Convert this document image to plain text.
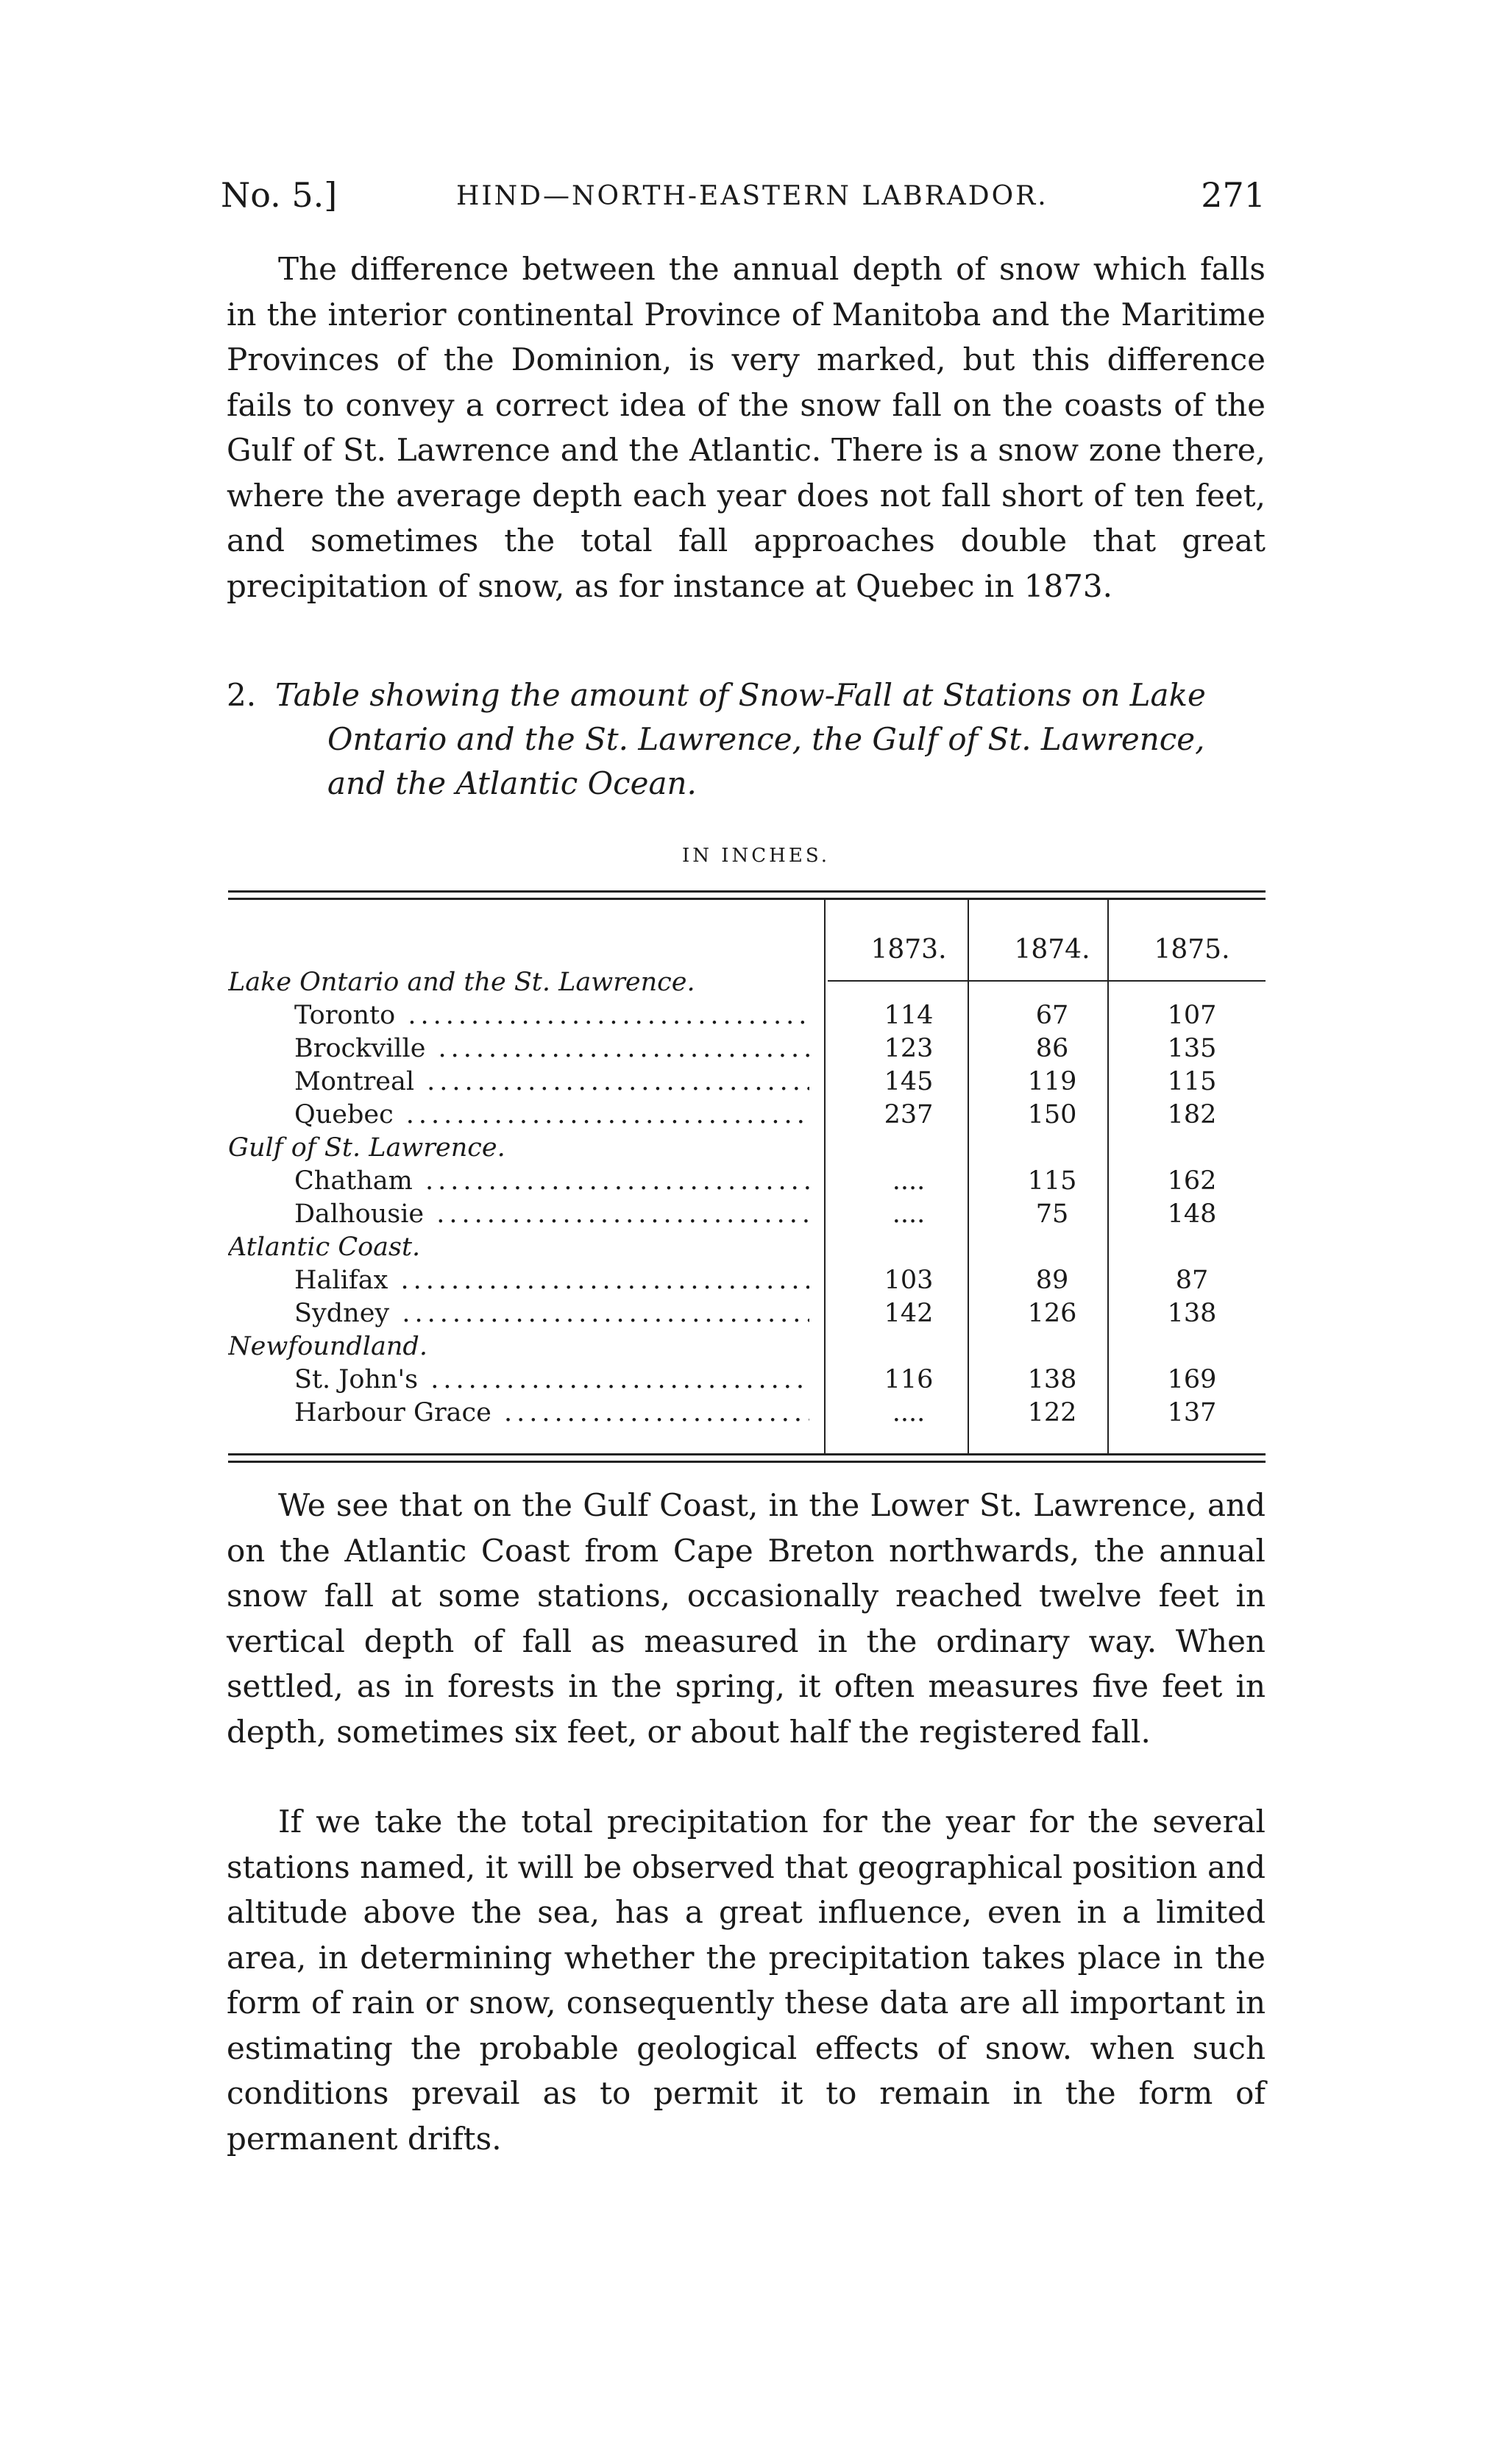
No. 5.]	HIND—NORTH-EASTERN LABRADOR.	271
The difference between the annual depth of snow which falls in the interior continental Province of Manitoba and the Maritime Provinces of the Dominion, is very marked, but this difference fails to convey a correct idea of the snow fall on the coasts of the Gulf of St. Lawrence and the Atlantic. There is a snow zone there, where the average depth each year does not fall short of ten feet, and sometimes the total fall approaches double that great precipitation of snow, as for instance at Quebec in 1873.
2. Table showing the amount of Snow-Fall at Stations on Lake
Ontario and the St. Lawrence, the Gulf of St. Lawrence,
and the Atlantic Ocean.
IN INCHES.
1873.	1874.	1875.
Lake Ontario and the St. Lawrence.
Toronto .....	114	67	107
Brockville .....	123	86	135
Montreal .....	145	119	115
Quebec .....	237	150	182
Gulf of St. Lawrence.
Chatham .....	....	115	162
Dalhousie .....	....	75	148
Atlantic Coast.
Halifax .....	103	89	87
Sydney .....	142	126	138
Newfoundland.
St. John's .....	116	138	169
Harbour Grace .....	....	122	137
We see that on the Gulf Coast, in the Lower St. Lawrence, and on the Atlantic Coast from Cape Breton northwards, the annual snow fall at some stations, occasionally reached twelve feet in vertical depth of fall as measured in the ordinary way. When settled, as in forests in the spring, it often measures five feet in depth, sometimes six feet, or about half the registered fall.
If we take the total precipitation for the year for the several stations named, it will be observed that geographical position and altitude above the sea, has a great influence, even in a limited area, in determining whether the precipitation takes place in the form of rain or snow, consequently these data are all important in estimating the probable geological effects of snow. when such conditions prevail as to permit it to remain in the form of permanent drifts.
